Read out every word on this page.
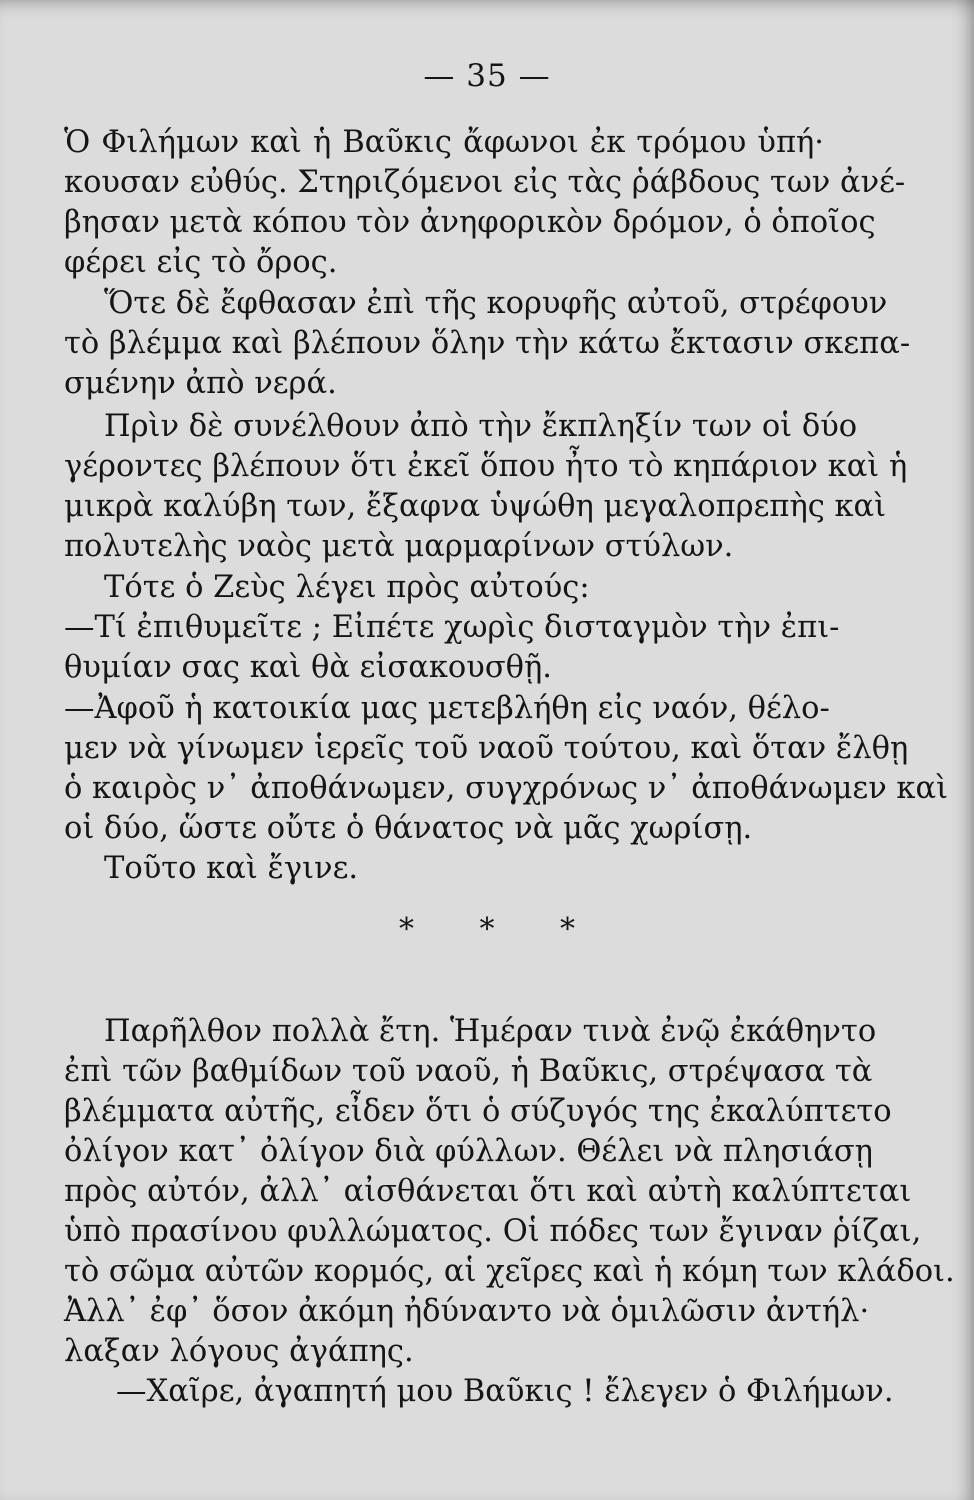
— 35 —
Ὁ Φιλήμων καὶ ἡ Βαῦκις ἄφωνοι ἐκ τρόμου ὑπή·
κουσαν εὐθύς. Στηριζόμενοι εἰς τὰς ῥάβδους των ἀνέ-
βησαν μετὰ κόπου τὸν ἀνηφορικὸν δρόμον, ὁ ὁποῖος
φέρει εἰς τὸ ὄρος.
Ὅτε δὲ ἔφθασαν ἐπὶ τῆς κορυφῆς αὐτοῦ, στρέφουν
τὸ βλέμμα καὶ βλέπουν ὅλην τὴν κάτω ἔκτασιν σκεπα-
σμένην ἀπὸ νερά.
Πρὶν δὲ συνέλθουν ἀπὸ τὴν ἔκπληξίν των οἱ δύο
γέροντες βλέπουν ὅτι ἐκεῖ ὅπου ἦτο τὸ κηπάριον καὶ ἡ
μικρὰ καλύβη των, ἔξαφνα ὑψώθη μεγαλοπρεπὴς καὶ
πολυτελὴς ναὸς μετὰ μαρμαρίνων στύλων.
Τότε ὁ Ζεὺς λέγει πρὸς αὐτούς:
—Τί ἐπιθυμεῖτε ; Εἰπέτε χωρὶς δισταγμὸν τὴν ἐπι-
θυμίαν σας καὶ θὰ εἰσακουσθῇ.
—Ἀφοῦ ἡ κατοικία μας μετεβλήθη εἰς ναόν, θέλο-
μεν νὰ γίνωμεν ἱερεῖς τοῦ ναοῦ τούτου, καὶ ὅταν ἔλθῃ
ὁ καιρὸς ν᾽ ἀποθάνωμεν, συγχρόνως ν᾽ ἀποθάνωμεν καὶ
οἱ δύο, ὥστε οὔτε ὁ θάνατος νὰ μᾶς χωρίσῃ.
Τοῦτο καὶ ἔγινε.
Παρῆλθον πολλὰ ἔτη. Ἡμέραν τινὰ ἐνῷ ἐκάθηντο
ἐπὶ τῶν βαθμίδων τοῦ ναοῦ, ἡ Βαῦκις, στρέψασα τὰ
βλέμματα αὐτῆς, εἶδεν ὅτι ὁ σύζυγός της ἐκαλύπτετο
ὀλίγον κατ᾽ ὀλίγον διὰ φύλλων. Θέλει νὰ πλησιάσῃ
πρὸς αὐτόν, ἀλλ᾽ αἰσθάνεται ὅτι καὶ αὐτὴ καλύπτεται
ὑπὸ πρασίνου φυλλώματος. Οἱ πόδες των ἔγιναν ῥίζαι,
τὸ σῶμα αὐτῶν κορμός, αἱ χεῖρες καὶ ἡ κόμη των κλάδοι.
Ἀλλ᾽ ἐφ᾽ ὅσον ἀκόμη ἠδύναντο νὰ ὁμιλῶσιν ἀντήλ·
λαξαν λόγους ἀγάπης.
—Χαῖρε, ἀγαπητή μου Βαῦκις ! ἔλεγεν ὁ Φιλήμων.
* * *
